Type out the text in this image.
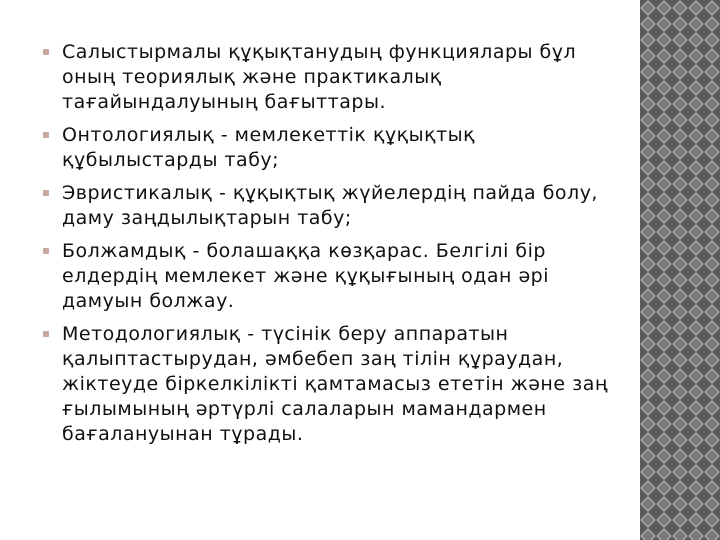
Салыстырмалы құқықтанудың функциялары бұл оның теориялық және практикалық тағайындалуының бағыттары.
Онтологиялық - мемлекеттік құқықтық құбылыстарды табу;
Эвристикалық - құқықтық жүйелердің пайда болу, даму заңдылықтарын табу;
Болжамдық - болашаққа көзқарас. Белгілі бір елдердің мемлекет және құқығының одан әрі дамуын болжау.
Методологиялық - түсінік беру аппаратын қалыптастырудан, әмбебеп заң тілін құраудан, жіктеуде біркелкілікті қамтамасыз ететін және заң ғылымының әртүрлі салаларын мамандармен бағалануынан тұрады.
